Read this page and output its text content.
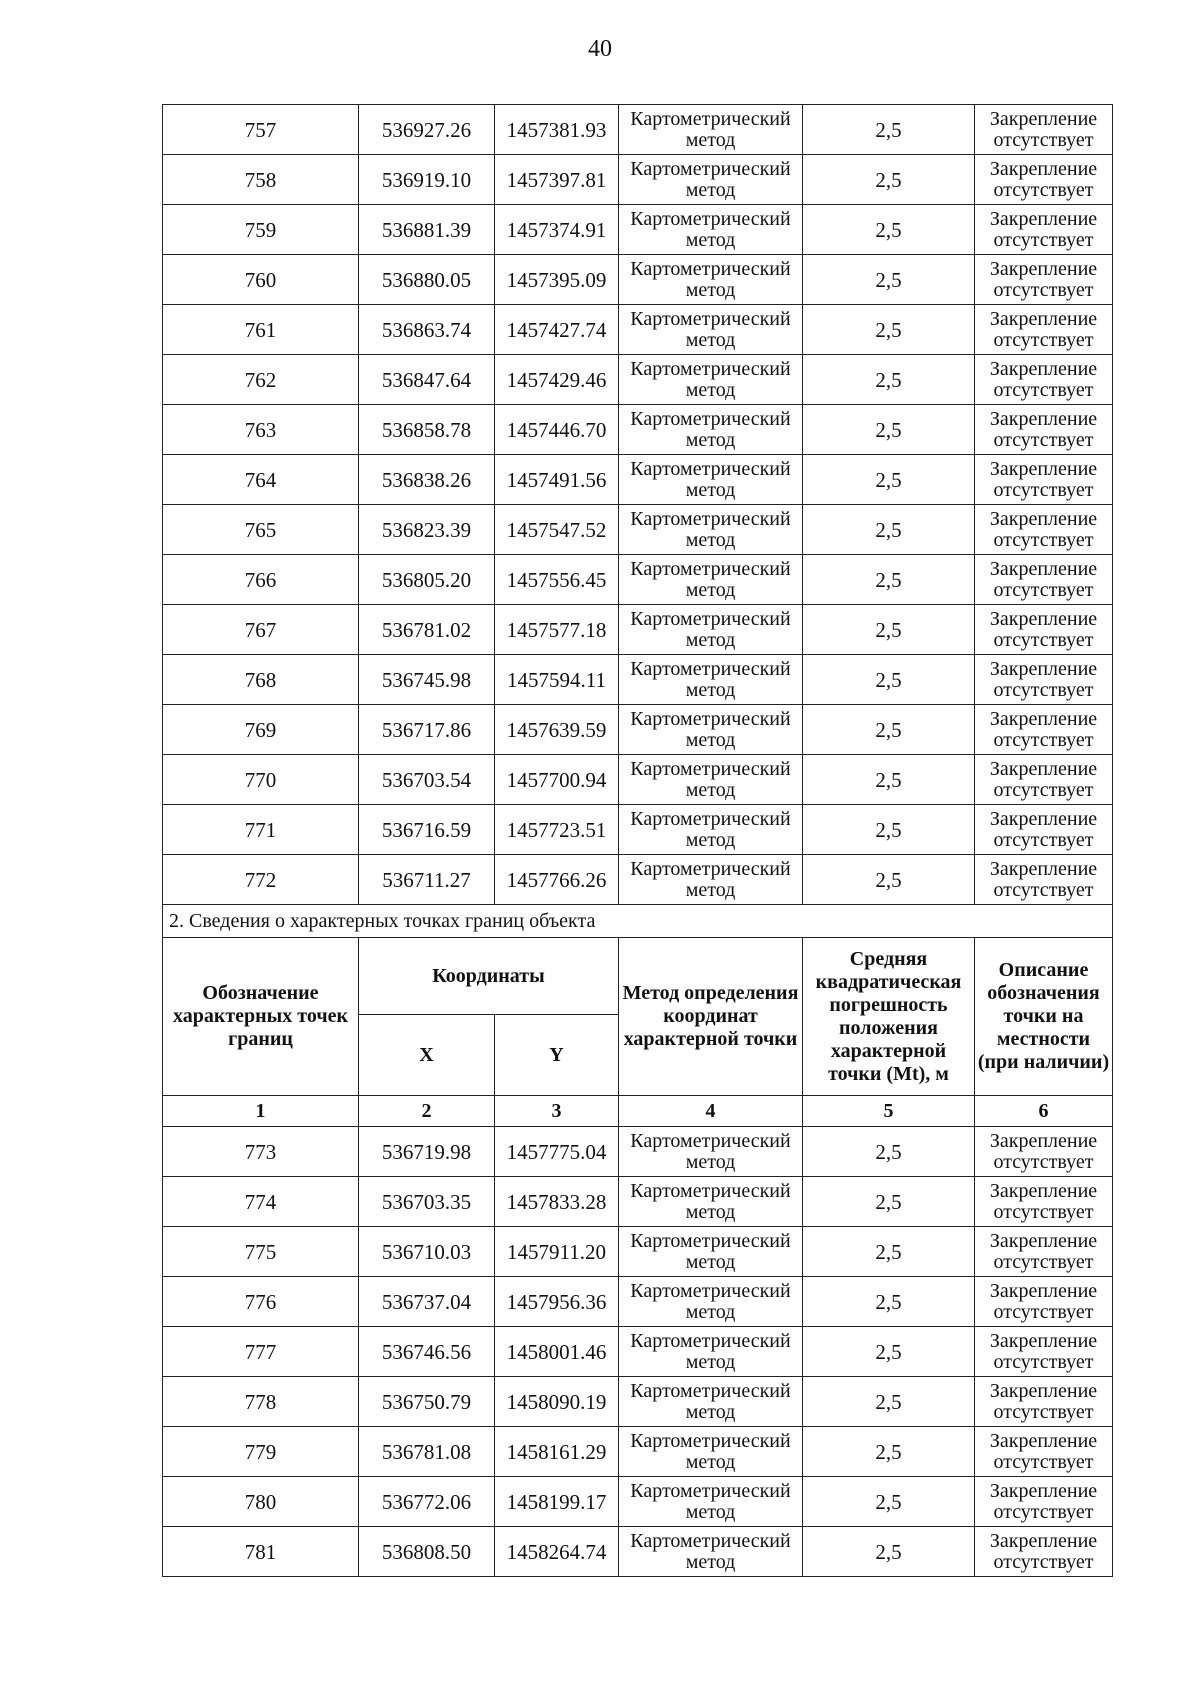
40
757	536927.26	1457381.93	Картометрический метод	2,5	Закрепление отсутствует
758	536919.10	1457397.81	Картометрический метод	2,5	Закрепление отсутствует
759	536881.39	1457374.91	Картометрический метод	2,5	Закрепление отсутствует
760	536880.05	1457395.09	Картометрический метод	2,5	Закрепление отсутствует
761	536863.74	1457427.74	Картометрический метод	2,5	Закрепление отсутствует
762	536847.64	1457429.46	Картометрический метод	2,5	Закрепление отсутствует
763	536858.78	1457446.70	Картометрический метод	2,5	Закрепление отсутствует
764	536838.26	1457491.56	Картометрический метод	2,5	Закрепление отсутствует
765	536823.39	1457547.52	Картометрический метод	2,5	Закрепление отсутствует
766	536805.20	1457556.45	Картометрический метод	2,5	Закрепление отсутствует
767	536781.02	1457577.18	Картометрический метод	2,5	Закрепление отсутствует
768	536745.98	1457594.11	Картометрический метод	2,5	Закрепление отсутствует
769	536717.86	1457639.59	Картометрический метод	2,5	Закрепление отсутствует
770	536703.54	1457700.94	Картометрический метод	2,5	Закрепление отсутствует
771	536716.59	1457723.51	Картометрический метод	2,5	Закрепление отсутствует
772	536711.27	1457766.26	Картометрический метод	2,5	Закрепление отсутствует
2. Сведения о характерных точках границ объекта					
Обозначение характерных точек границ	Координаты		Метод определения координат характерной точки	Средняя квадратическая погрешность положения характерной точки (Mt), м	Описание обозначения точки на местности (при наличии)
	X	Y			
1	2	3	4	5	6
773	536719.98	1457775.04	Картометрический метод	2,5	Закрепление отсутствует
774	536703.35	1457833.28	Картометрический метод	2,5	Закрепление отсутствует
775	536710.03	1457911.20	Картометрический метод	2,5	Закрепление отсутствует
776	536737.04	1457956.36	Картометрический метод	2,5	Закрепление отсутствует
777	536746.56	1458001.46	Картометрический метод	2,5	Закрепление отсутствует
778	536750.79	1458090.19	Картометрический метод	2,5	Закрепление отсутствует
779	536781.08	1458161.29	Картометрический метод	2,5	Закрепление отсутствует
780	536772.06	1458199.17	Картометрический метод	2,5	Закрепление отсутствует
781	536808.50	1458264.74	Картометрический метод	2,5	Закрепление отсутствует
